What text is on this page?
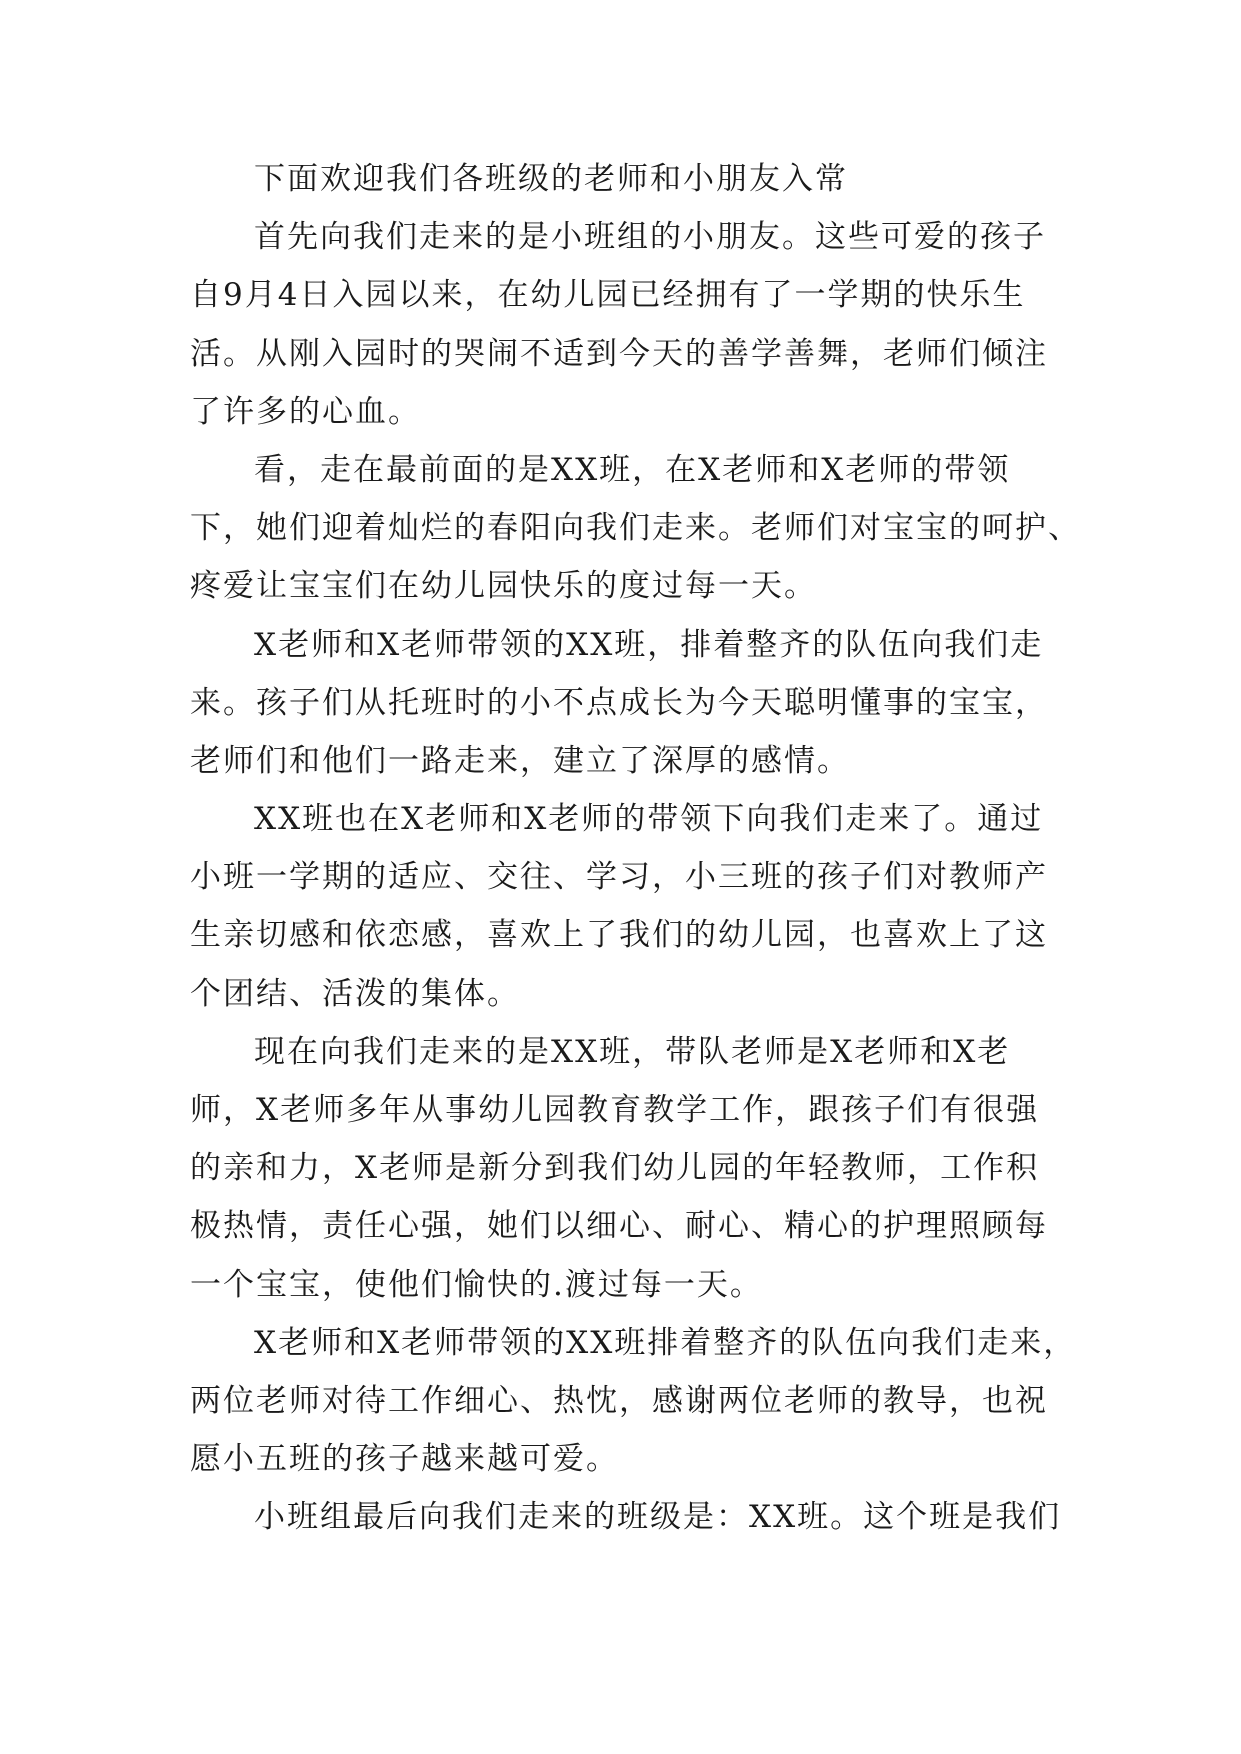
下面欢迎我们各班级的老师和小朋友入常
首先向我们走来的是小班组的小朋友。这些可爱的孩子
自9月4日入园以来，在幼儿园已经拥有了一学期的快乐生
活。从刚入园时的哭闹不适到今天的善学善舞，老师们倾注
了许多的心血。
看，走在最前面的是XX班，在X老师和X老师的带领
下，她们迎着灿烂的春阳向我们走来。老师们对宝宝的呵护、
疼爱让宝宝们在幼儿园快乐的度过每一天。
X老师和X老师带领的XX班，排着整齐的队伍向我们走
来。孩子们从托班时的小不点成长为今天聪明懂事的宝宝，
老师们和他们一路走来，建立了深厚的感情。
XX班也在X老师和X老师的带领下向我们走来了。通过
小班一学期的适应、交往、学习，小三班的孩子们对教师产
生亲切感和依恋感，喜欢上了我们的幼儿园，也喜欢上了这
个团结、活泼的集体。
现在向我们走来的是XX班，带队老师是X老师和X老
师，X老师多年从事幼儿园教育教学工作，跟孩子们有很强
的亲和力，X老师是新分到我们幼儿园的年轻教师，工作积
极热情，责任心强，她们以细心、耐心、精心的护理照顾每
一个宝宝，使他们愉快的.渡过每一天。
X老师和X老师带领的XX班排着整齐的队伍向我们走来，
两位老师对待工作细心、热忱，感谢两位老师的教导，也祝
愿小五班的孩子越来越可爱。
小班组最后向我们走来的班级是：XX班。这个班是我们
